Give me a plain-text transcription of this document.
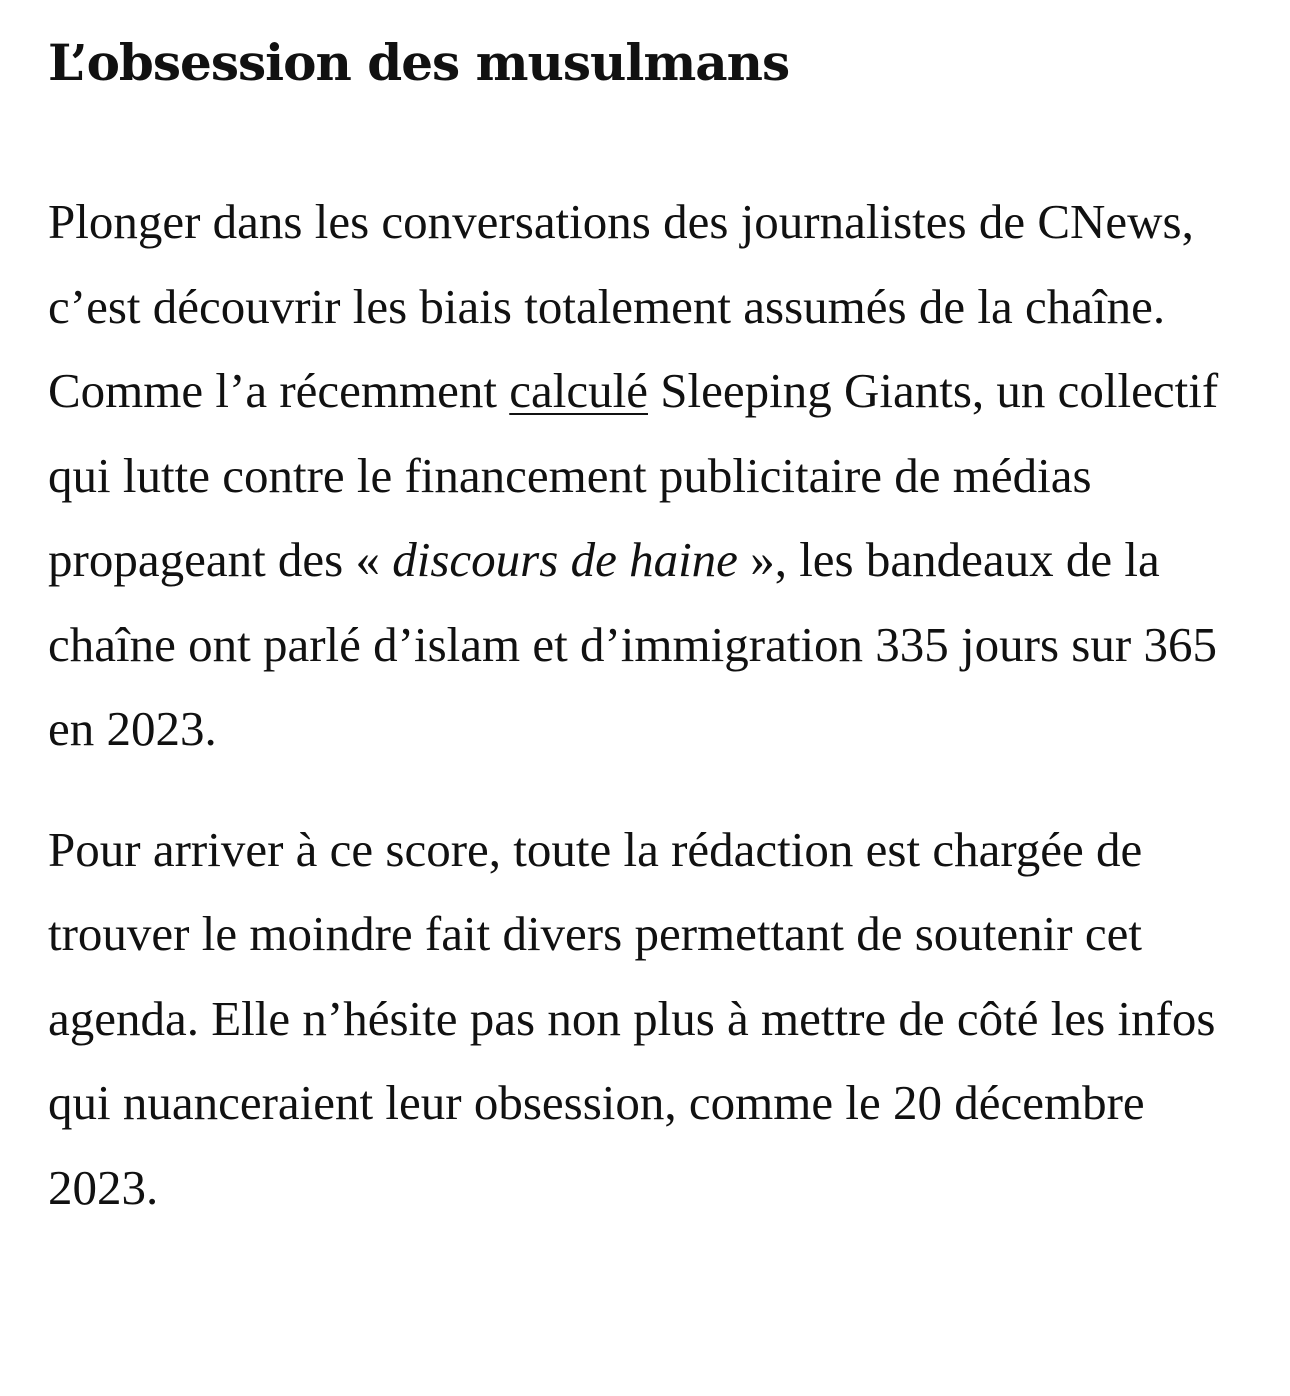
L’obsession des musulmans

Plonger dans les conversations des journalistes de CNews, c’est découvrir les biais totalement assumés de la chaîne. Comme l’a récemment calculé Sleeping Giants, un collectif qui lutte contre le financement publicitaire de médias propageant des « discours de haine », les bandeaux de la chaîne ont parlé d’islam et d’immigration 335 jours sur 365 en 2023.

Pour arriver à ce score, toute la rédaction est chargée de trouver le moindre fait divers permettant de soutenir cet agenda. Elle n’hésite pas non plus à mettre de côté les infos qui nuanceraient leur obsession, comme le 20 décembre 2023.
